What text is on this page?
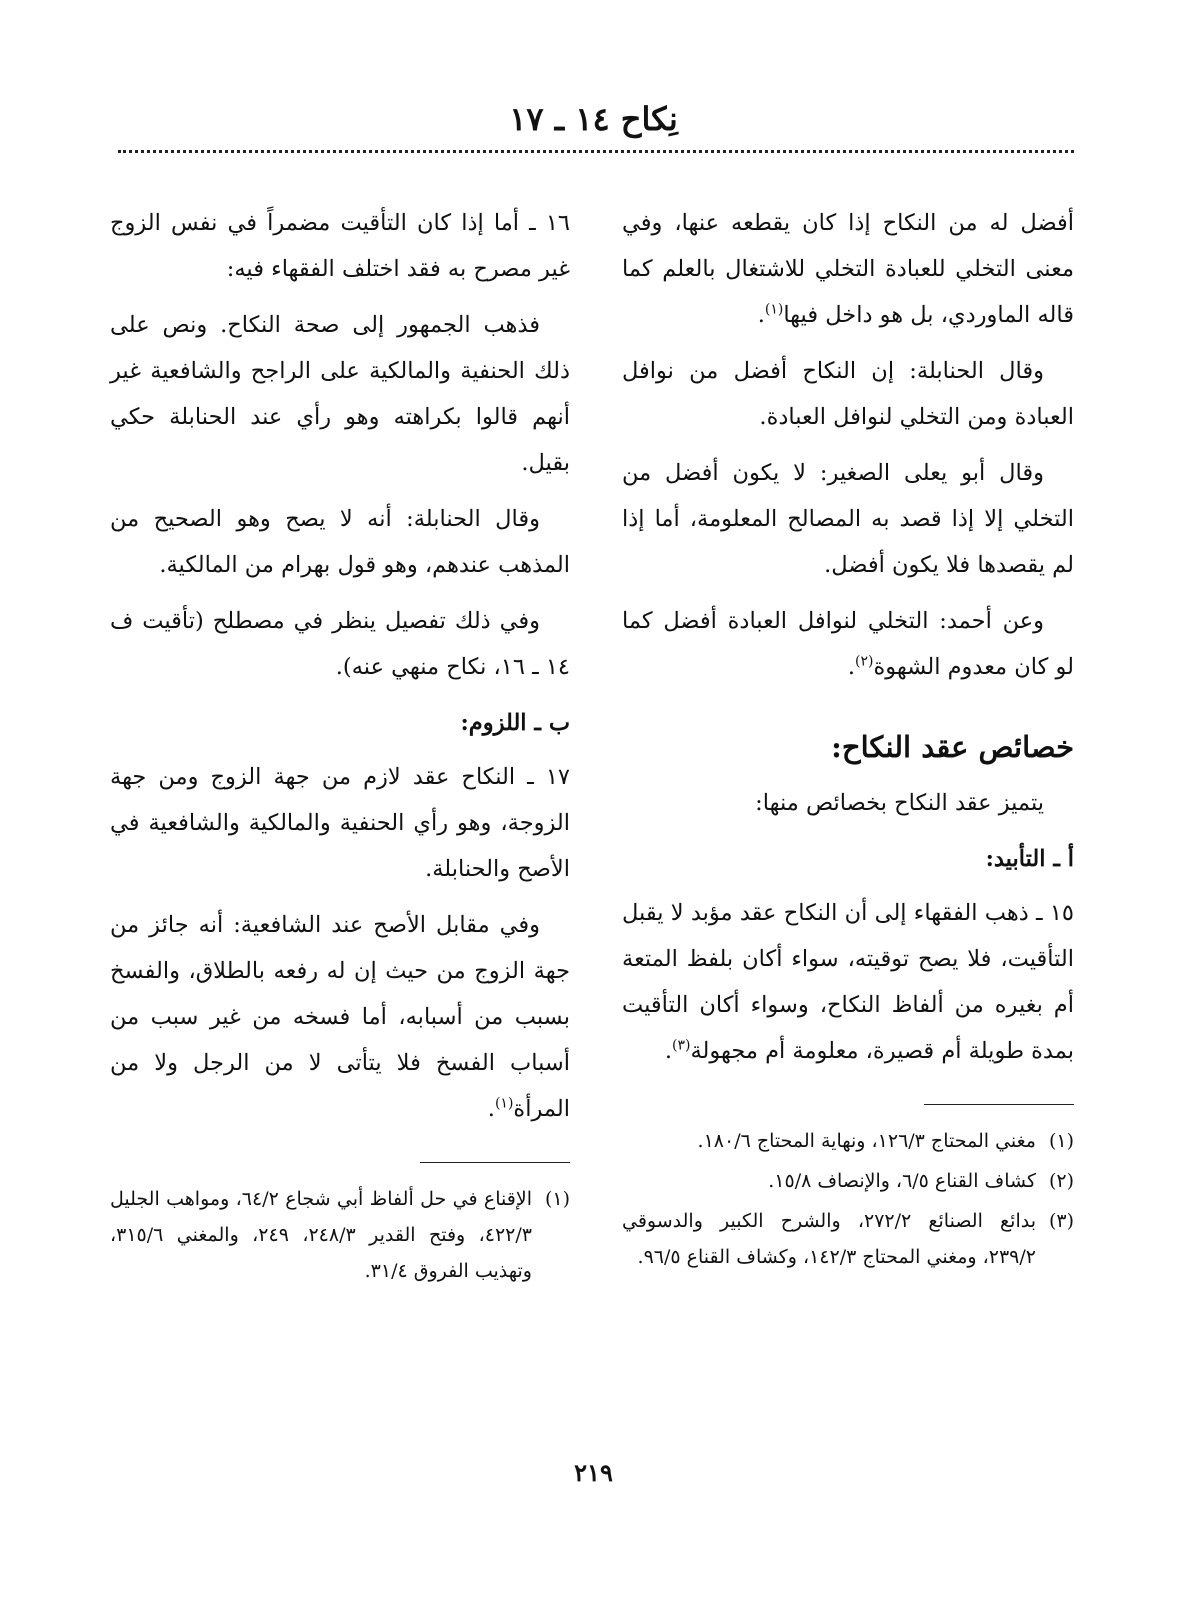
نِكاح ١٤ ـ ١٧

أفضل له من النكاح إذا كان يقطعه عنها، وفي معنى التخلي للعبادة التخلي للاشتغال بالعلم كما قاله الماوردي، بل هو داخل فيها$^{(١)}$.

وقال الحنابلة: إن النكاح أفضل من نوافل العبادة ومن التخلي لنوافل العبادة.

وقال أبو يعلى الصغير: لا يكون أفضل من التخلي إلا إذا قصد به المصالح المعلومة، أما إذا لم يقصدها فلا يكون أفضل.

وعن أحمد: التخلي لنوافل العبادة أفضل كما لو كان معدوم الشهوة$^{(٢)}$.

خصائص عقد النكاح:

يتميز عقد النكاح بخصائص منها:

أ ـ التأبيد:

١٥ ـ ذهب الفقهاء إلى أن النكاح عقد مؤبد لا يقبل التأقيت، فلا يصح توقيته، سواء أكان بلفظ المتعة أم بغيره من ألفاظ النكاح، وسواء أكان التأقيت بمدة طويلة أم قصيرة، معلومة أم مجهولة$^{(٣)}$.

(١)
مغني المحتاج ١٢٦/٣، ونهاية المحتاج ١٨٠/٦.
(٢)
كشاف القناع ٦/٥، والإنصاف ١٥/٨.
(٣)
بدائع الصنائع ٢٧٢/٢، والشرح الكبير والدسوقي ٢٣٩/٢، ومغني المحتاج ١٤٢/٣، وكشاف القناع ٩٦/٥.

١٦ ـ أما إذا كان التأقيت مضمراً في نفس الزوج غير مصرح به فقد اختلف الفقهاء فيه:

فذهب الجمهور إلى صحة النكاح. ونص على ذلك الحنفية والمالكية على الراجح والشافعية غير أنهم قالوا بكراهته وهو رأي عند الحنابلة حكي بقيل.

وقال الحنابلة: أنه لا يصح وهو الصحيح من المذهب عندهم، وهو قول بهرام من المالكية.

وفي ذلك تفصيل ينظر في مصطلح (تأقيت ف ١٤ ـ ١٦، نكاح منهي عنه).

ب ـ اللزوم:

١٧ ـ النكاح عقد لازم من جهة الزوج ومن جهة الزوجة، وهو رأي الحنفية والمالكية والشافعية في الأصح والحنابلة.

وفي مقابل الأصح عند الشافعية: أنه جائز من جهة الزوج من حيث إن له رفعه بالطلاق، والفسخ بسبب من أسبابه، أما فسخه من غير سبب من أسباب الفسخ فلا يتأتى لا من الرجل ولا من المرأة$^{(١)}$.

(١)
الإقناع في حل ألفاظ أبي شجاع ٦٤/٢، ومواهب الجليل ٤٢٢/٣، وفتح القدير ٢٤٨/٣، ٢٤٩، والمغني ٣١٥/٦، وتهذيب الفروق ٣١/٤.
٢١٩
